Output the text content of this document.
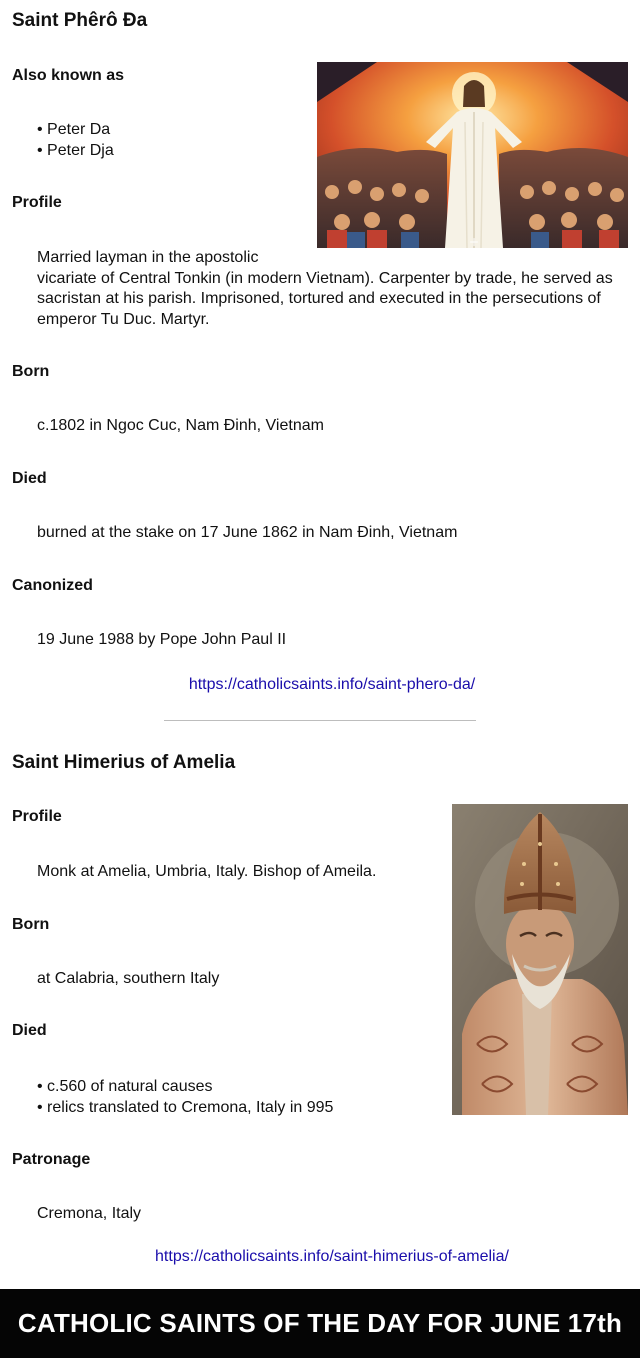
Saint Phêrô Đa
Also known as
• Peter Da
• Peter Dja
Profile
+
Married layman in the apostolic
vicariate of Central Tonkin (in modern Vietnam). Carpenter by trade, he served as sacristan at his parish. Imprisoned, tortured and executed in the persecutions of emperor Tu Duc. Martyr.
Born
c.1802 in Ngoc Cuc, Nam Đinh, Vietnam
Died
burned at the stake on 17 June 1862 in Nam Đinh, Vietnam
Canonized
19 June 1988 by Pope John Paul II
https://catholicsaints.info/saint-phero-da/
Saint Himerius of Amelia
Profile
Monk at Amelia, Umbria, Italy. Bishop of Ameila.
Born
at Calabria, southern Italy
Died
• c.560 of natural causes
• relics translated to Cremona, Italy in 995
Patronage
Cremona, Italy
https://catholicsaints.info/saint-himerius-of-amelia/
CATHOLIC SAINTS OF THE DAY FOR JUNE 17th
